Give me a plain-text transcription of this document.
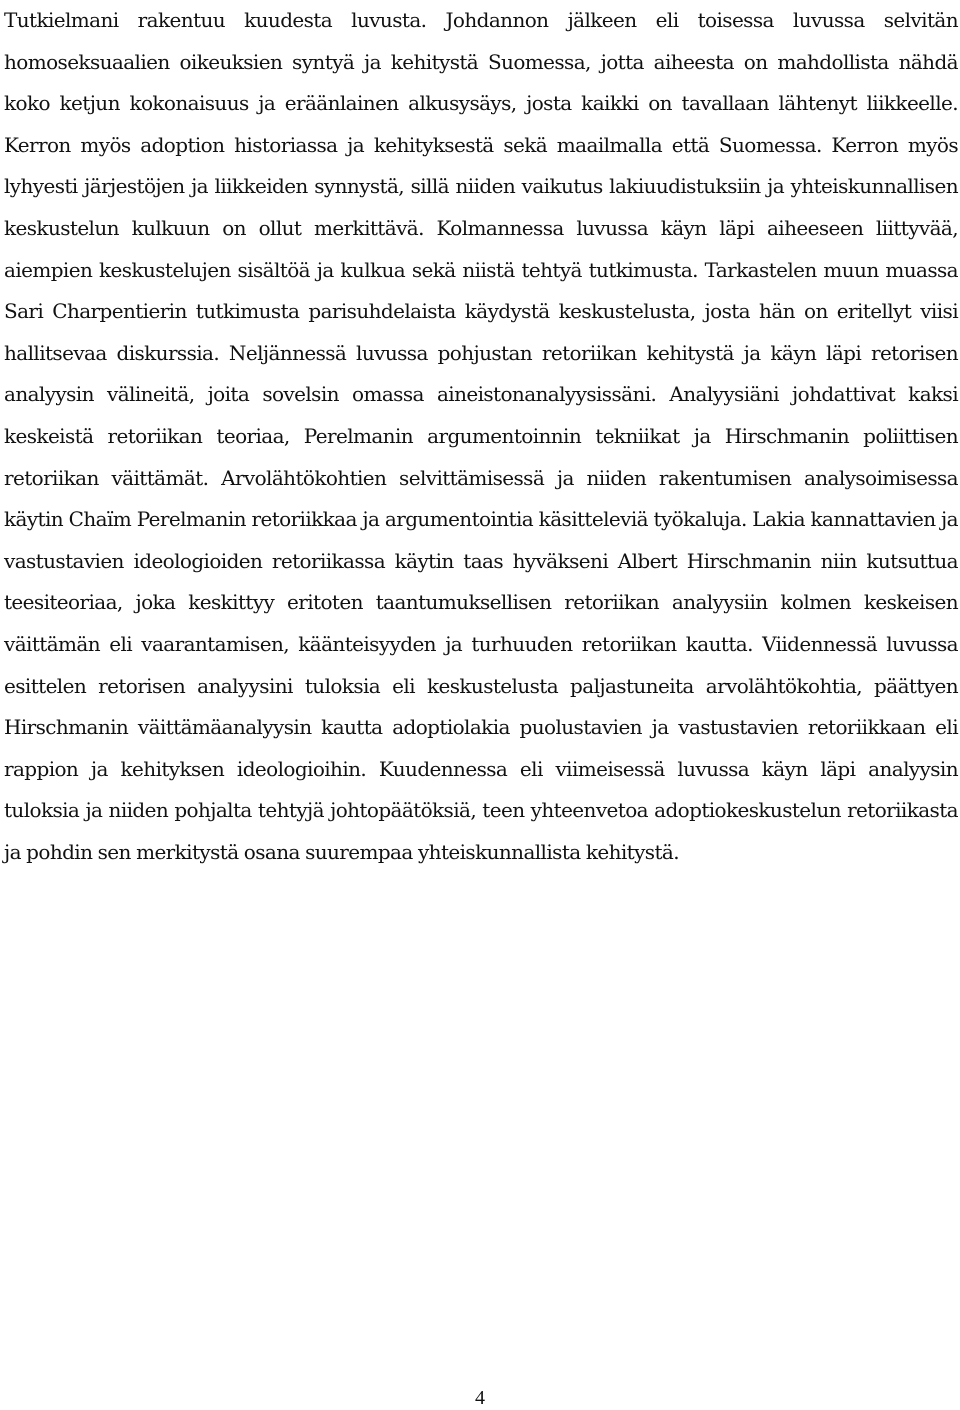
Tutkielmani rakentuu kuudesta luvusta. Johdannon jälkeen eli toisessa luvussa selvitän homoseksuaalien oikeuksien syntyä ja kehitystä Suomessa, jotta aiheesta on mahdollista nähdä koko ketjun kokonaisuus ja eräänlainen alkusysäys, josta kaikki on tavallaan lähtenyt liikkeelle. Kerron myös adoption historiassa ja kehityksestä sekä maailmalla että Suomessa. Kerron myös lyhyesti järjestöjen ja liikkeiden synnystä, sillä niiden vaikutus lakiuudistuksiin ja yhteiskunnallisen keskustelun kulkuun on ollut merkittävä. Kolmannessa luvussa käyn läpi aiheeseen liittyvää, aiempien keskustelujen sisältöä ja kulkua sekä niistä tehtyä tutkimusta. Tarkastelen muun muassa Sari Charpentierin tutkimusta parisuhdelaista käydystä keskustelusta, josta hän on eritellyt viisi hallitsevaa diskurssia. Neljännessä luvussa pohjustan retoriikan kehitystä ja käyn läpi retorisen analyysin välineitä, joita sovelsin omassa aineistonanalyysissäni. Analyysiäni johdattivat kaksi keskeistä retoriikan teoriaa, Perelmanin argumentoinnin tekniikat ja Hirschmanin poliittisen retoriikan väittämät. Arvolähtökohtien selvittämisessä ja niiden rakentumisen analysoimisessa käytin Chaïm Perelmanin retoriikkaa ja argumentointia käsitteleviä työkaluja. Lakia kannattavien ja vastustavien ideologioiden retoriikassa käytin taas hyväkseni Albert Hirschmanin niin kutsuttua teesiteoriaa, joka keskittyy eritoten taantumuksellisen retoriikan analyysiin kolmen keskeisen väittämän eli vaarantamisen, käänteisyyden ja turhuuden retoriikan kautta. Viidennessä luvussa esittelen retorisen analyysini tuloksia eli keskustelusta paljastuneita arvolähtökohtia, päättyen Hirschmanin väittämäanalyysin kautta adoptiolakia puolustavien ja vastustavien retoriikkaan eli rappion ja kehityksen ideologioihin. Kuudennessa eli viimeisessä luvussa käyn läpi analyysin tuloksia ja niiden pohjalta tehtyjä johtopäätöksiä, teen yhteenvetoa adoptiokeskustelun retoriikasta ja pohdin sen merkitystä osana suurempaa yhteiskunnallista kehitystä.

4
